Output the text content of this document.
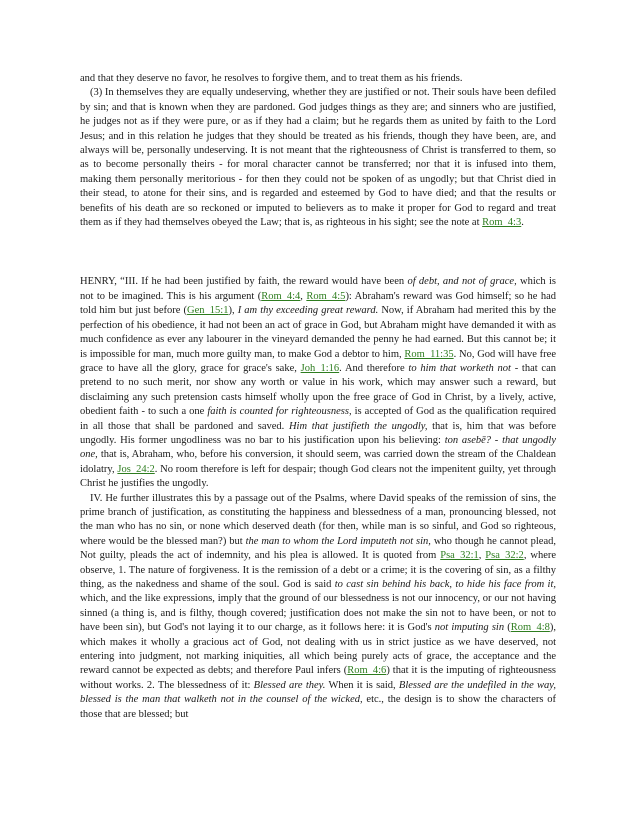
and that they deserve no favor, he resolves to forgive them, and to treat them as his friends.

(3) In themselves they are equally undeserving, whether they are justified or not. Their souls have been defiled by sin; and that is known when they are pardoned. God judges things as they are; and sinners who are justified, he judges not as if they were pure, or as if they had a claim; but he regards them as united by faith to the Lord Jesus; and in this relation he judges that they should be treated as his friends, though they have been, are, and always will be, personally undeserving. It is not meant that the righteousness of Christ is transferred to them, so as to become personally theirs - for moral character cannot be transferred; nor that it is infused into them, making them personally meritorious - for then they could not be spoken of as ungodly; but that Christ died in their stead, to atone for their sins, and is regarded and esteemed by God to have died; and that the results or benefits of his death are so reckoned or imputed to believers as to make it proper for God to regard and treat them as if they had themselves obeyed the Law; that is, as righteous in his sight; see the note at Rom_4:3.

HENRY, “III. If he had been justified by faith, the reward would have been of debt, and not of grace, which is not to be imagined. This is his argument (Rom_4:4, Rom_4:5): Abraham's reward was God himself; so he had told him but just before (Gen_15:1), I am thy exceeding great reward. Now, if Abraham had merited this by the perfection of his obedience, it had not been an act of grace in God, but Abraham might have demanded it with as much confidence as ever any labourer in the vineyard demanded the penny he had earned. But this cannot be; it is impossible for man, much more guilty man, to make God a debtor to him, Rom_11:35. No, God will have free grace to have all the glory, grace for grace's sake, Joh_1:16. And therefore to him that worketh not - that can pretend to no such merit, nor show any worth or value in his work, which may answer such a reward, but disclaiming any such pretension casts himself wholly upon the free grace of God in Christ, by a lively, active, obedient faith - to such a one faith is counted for righteousness, is accepted of God as the qualification required in all those that shall be pardoned and saved. Him that justifieth the ungodly, that is, him that was before ungodly. His former ungodliness was no bar to his justification upon his believing: ton asebē? - that ungodly one, that is, Abraham, who, before his conversion, it should seem, was carried down the stream of the Chaldean idolatry, Jos_24:2. No room therefore is left for despair; though God clears not the impenitent guilty, yet through Christ he justifies the ungodly.

IV. He further illustrates this by a passage out of the Psalms, where David speaks of the remission of sins, the prime branch of justification, as constituting the happiness and blessedness of a man, pronouncing blessed, not the man who has no sin, or none which deserved death (for then, while man is so sinful, and God so righteous, where would be the blessed man?) but the man to whom the Lord imputeth not sin, who though he cannot plead, Not guilty, pleads the act of indemnity, and his plea is allowed. It is quoted from Psa_32:1, Psa_32:2, where observe, 1. The nature of forgiveness. It is the remission of a debt or a crime; it is the covering of sin, as a filthy thing, as the nakedness and shame of the soul. God is said to cast sin behind his back, to hide his face from it, which, and the like expressions, imply that the ground of our blessedness is not our innocency, or our not having sinned (a thing is, and is filthy, though covered; justification does not make the sin not to have been, or not to have been sin), but God's not laying it to our charge, as it follows here: it is God's not imputing sin (Rom_4:8), which makes it wholly a gracious act of God, not dealing with us in strict justice as we have deserved, not entering into judgment, not marking iniquities, all which being purely acts of grace, the acceptance and the reward cannot be expected as debts; and therefore Paul infers (Rom_4:6) that it is the imputing of righteousness without works. 2. The blessedness of it: Blessed are they. When it is said, Blessed are the undefiled in the way, blessed is the man that walketh not in the counsel of the wicked, etc., the design is to show the characters of those that are blessed; but
